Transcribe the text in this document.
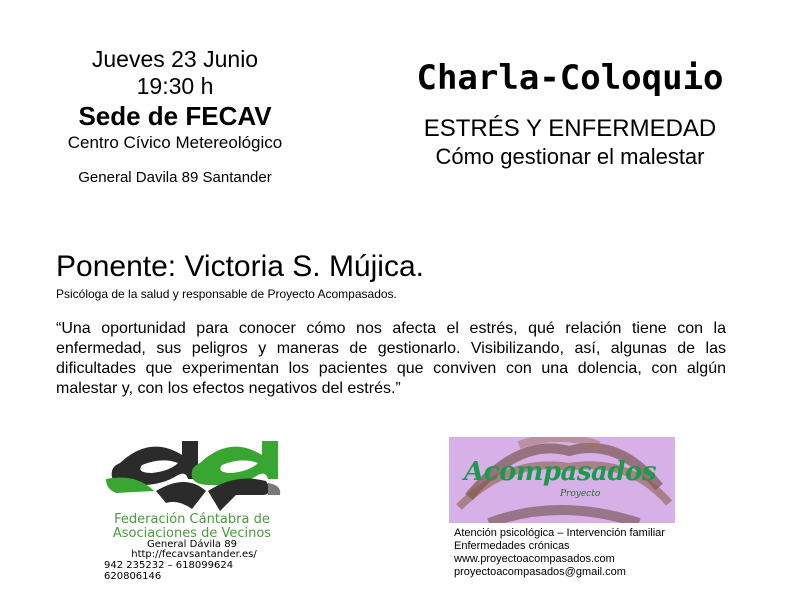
Jueves 23 Junio
19:30 h
Sede de FECAV
Centro Cívico Metereológico
General Davila 89 Santander
Charla-Coloquio
ESTRÉS Y ENFERMEDAD
Cómo gestionar el malestar
Ponente: Victoria S. Mújica.
Psicóloga de la salud y responsable de Proyecto Acompasados.
“Una oportunidad para conocer cómo nos afecta el estrés, qué relación tiene con la enfermedad, sus peligros y maneras de gestionarlo. Visibilizando, así, algunas de las dificultades que experimentan los pacientes que conviven con una dolencia, con algún malestar y, con los efectos negativos del estrés.”
Federación Cántabra de
Asociaciones de Vecinos
General Dávila 89
http://fecavsantander.es/
942 235232 – 618099624
620806146
Acompasados
Proyecto
Atención psicológica – Intervención familiar
Enfermedades crónicas
www.proyectoacompasados.com
proyectoacompasados@gmail.com
